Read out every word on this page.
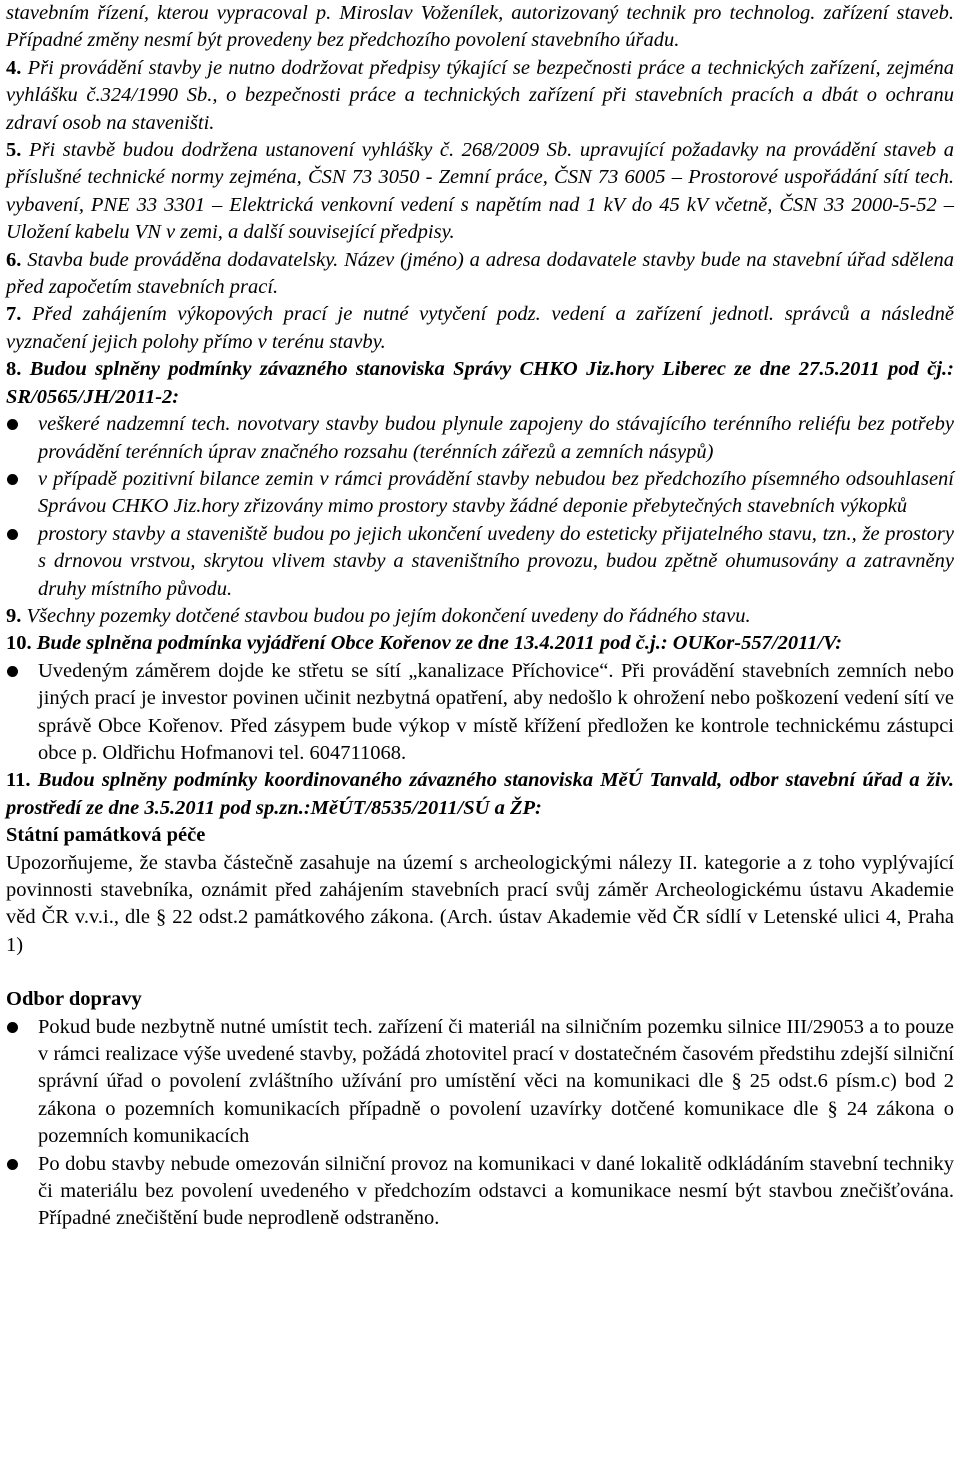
stavebním řízení, kterou vypracoval p. Miroslav Voženílek, autorizovaný technik pro technolog. zařízení staveb. Případné změny nesmí být provedeny bez předchozího povolení stavebního úřadu.

4. Při provádění stavby je nutno dodržovat předpisy týkající se bezpečnosti práce a technických zařízení, zejména vyhlášku č.324/1990 Sb., o bezpečnosti práce a technických zařízení při stavebních pracích a dbát o ochranu zdraví osob na staveništi.

5. Při stavbě budou dodržena ustanovení vyhlášky č. 268/2009 Sb. upravující požadavky na provádění staveb a příslušné technické normy zejména, ČSN 73 3050 - Zemní práce, ČSN 73 6005 – Prostorové uspořádání sítí tech. vybavení, PNE 33 3301 – Elektrická venkovní vedení s napětím nad 1 kV do 45 kV včetně, ČSN 33 2000-5-52 – Uložení kabelu VN v zemi, a další související předpisy.

6. Stavba bude prováděna dodavatelsky. Název (jméno) a adresa dodavatele stavby bude na stavební úřad sdělena před započetím stavebních prací.

7. Před zahájením výkopových prací je nutné vytyčení podz. vedení a zařízení jednotl. správců a následně vyznačení jejich polohy přímo v terénu stavby.

8. Budou splněny podmínky závazného stanoviska Správy CHKO Jiz.hory Liberec ze dne 27.5.2011 pod čj.: SR/0565/JH/2011-2:

veškeré nadzemní tech. novotvary stavby budou plynule zapojeny do stávajícího terénního reliéfu bez potřeby provádění terénních úprav značného rozsahu (terénních zářezů a zemních násypů)
v případě pozitivní bilance zemin v rámci provádění stavby nebudou bez předchozího písemného odsouhlasení Správou CHKO Jiz.hory zřizovány mimo prostory stavby žádné deponie přebytečných stavebních výkopků
prostory stavby a staveniště budou po jejich ukončení uvedeny do esteticky přijatelného stavu, tzn., že prostory s drnovou vrstvou, skrytou vlivem stavby a staveništního provozu, budou zpětně ohumusovány a zatravněny druhy místního původu.

9. Všechny pozemky dotčené stavbou budou po jejím dokončení uvedeny do řádného stavu.

10. Bude splněna podmínka vyjádření Obce Kořenov ze dne 13.4.2011 pod č.j.: OUKor-557/2011/V:

Uvedeným záměrem dojde ke střetu se sítí „kanalizace Příchovice“. Při provádění stavebních zemních nebo jiných prací je investor povinen učinit nezbytná opatření, aby nedošlo k ohrožení nebo poškození vedení sítí ve správě Obce Kořenov. Před zásypem bude výkop v místě křížení předložen ke kontrole technickému zástupci obce p. Oldřichu Hofmanovi tel. 604711068.

11. Budou splněny podmínky koordinovaného závazného stanoviska MěÚ Tanvald, odbor stavební úřad a živ. prostředí ze dne 3.5.2011 pod sp.zn.:MěÚT/8535/2011/SÚ a ŽP:

Státní památková péče

Upozorňujeme, že stavba částečně zasahuje na území s archeologickými nálezy II. kategorie a z toho vyplývající povinnosti stavebníka, oznámit před zahájením stavebních prací svůj záměr Archeologickému ústavu Akademie věd ČR v.v.i., dle § 22 odst.2 památkového zákona. (Arch. ústav Akademie věd ČR sídlí v Letenské ulici 4, Praha 1)

Odbor dopravy

Pokud bude nezbytně nutné umístit tech. zařízení či materiál na silničním pozemku silnice III/29053 a to pouze v rámci realizace výše uvedené stavby, požádá zhotovitel prací v dostatečném časovém předstihu zdejší silniční správní úřad o povolení zvláštního užívání pro umístění věci na komunikaci dle § 25 odst.6 písm.c) bod 2 zákona o pozemních komunikacích případně o povolení uzavírky dotčené komunikace dle § 24 zákona o pozemních komunikacích
Po dobu stavby nebude omezován silniční provoz na komunikaci v dané lokalitě odkládáním stavební techniky či materiálu bez povolení uvedeného v předchozím odstavci a komunikace nesmí být stavbou znečišťována. Případné znečištění bude neprodleně odstraněno.
